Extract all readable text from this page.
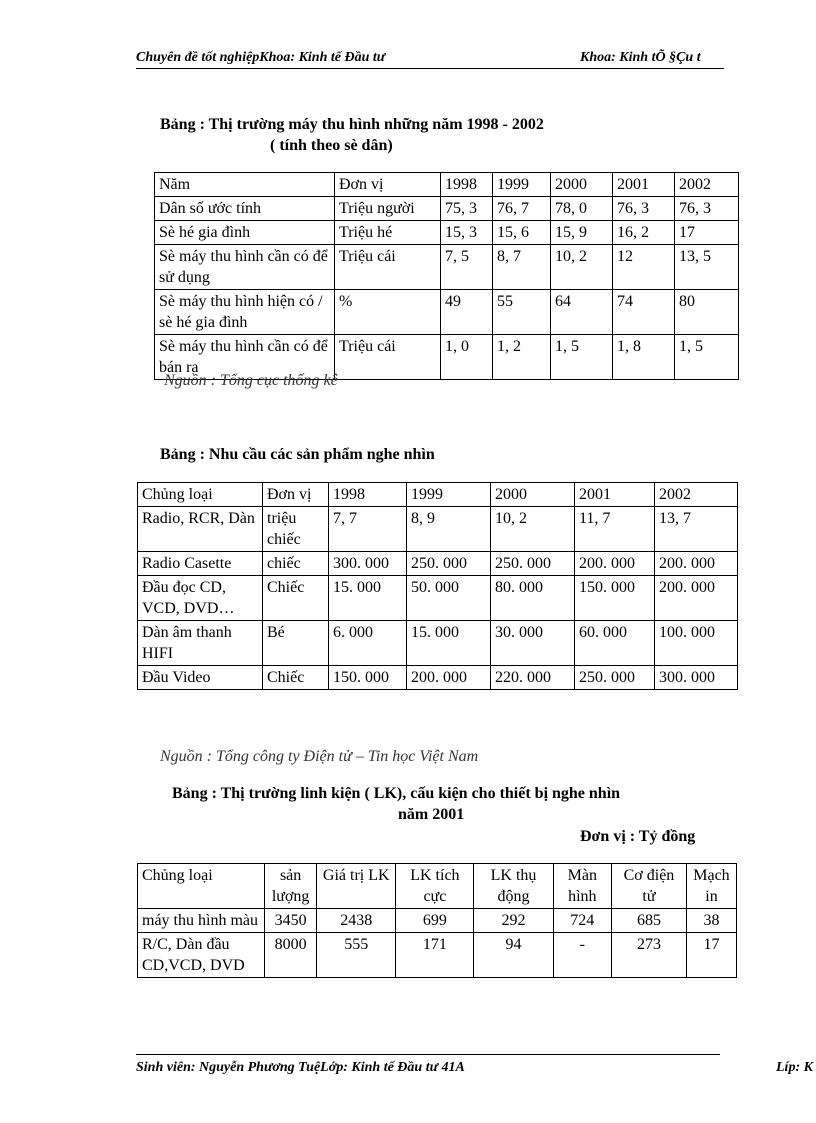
Chuyên đề tốt nghiệpKhoa: Kinh tế Đầu tư	Khoa: Kinh tÕ §Çu t
Bảng : Thị trường máy thu hình những năm 1998 - 2002
( tính theo sè dân)
Năm	Đơn vị	1998	1999	2000	2001	2002
Dân số ước tính	Triệu người	75, 3	76, 7	78, 0	76, 3	76, 3
Sè hé gia đình	Triệu hé	15, 3	15, 6	15, 9	16, 2	17
Sè máy thu hình cần có để sử dụng	Triệu cái	7, 5	8, 7	10, 2	12	13, 5
Sè máy thu hình hiện có / sè hé gia đình	%	49	55	64	74	80
Sè máy thu hình cần có để bán ra	Triệu cái	1, 0	1, 2	1, 5	1, 8	1, 5
Nguồn : Tổng cục thống kê
Bảng : Nhu cầu các sản phẩm nghe nhìn
Chủng loại	Đơn vị	1998	1999	2000	2001	2002
Radio, RCR, Dàn	triệu chiếc	7, 7	8, 9	10, 2	11, 7	13, 7
Radio Casette	chiếc	300. 000	250. 000	250. 000	200. 000	200. 000
Đầu đọc CD, VCD, DVD…	Chiếc	15. 000	50. 000	80. 000	150. 000	200. 000
Dàn âm thanh HIFI	Bé	6. 000	15. 000	30. 000	60. 000	100. 000
Đầu Video	Chiếc	150. 000	200. 000	220. 000	250. 000	300. 000
Nguồn : Tổng công ty Điện tử – Tin học Việt Nam
Bảng : Thị trường linh kiện ( LK), cấu kiện cho thiết bị nghe nhìn
năm 2001
Đơn vị : Tỷ đồng
Chủng loại	sản lượng	Giá trị LK	LK tích cực	LK thụ động	Màn hình	Cơ điện tử	Mạch in
máy thu hình màu	3450	2438	699	292	724	685	38
R/C, Dàn đầu CD,VCD, DVD	8000	555	171	94	-	273	17
Sinh viên: Nguyễn Phương TuệLớp: Kinh tế Đầu tư 41A	Líp: K
